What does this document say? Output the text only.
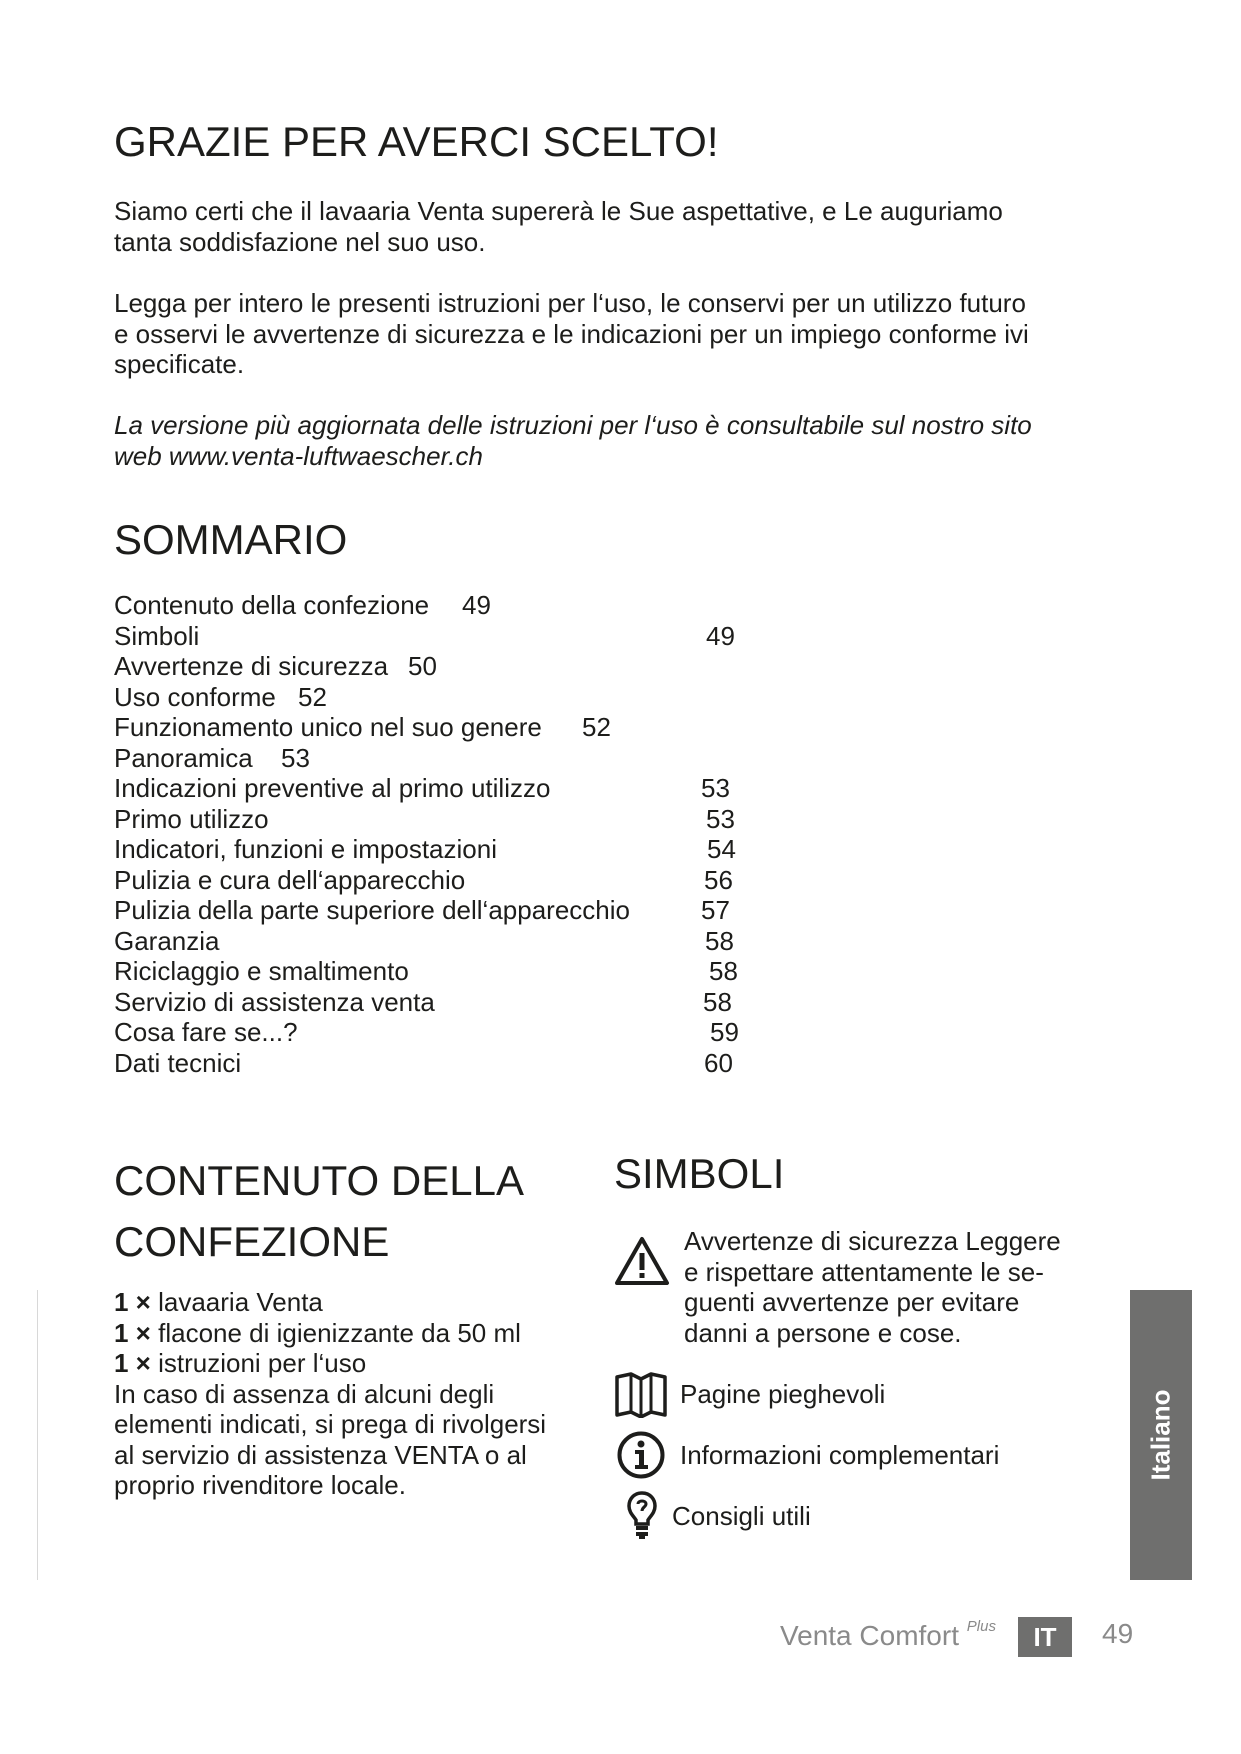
GRAZIE PER AVERCI SCELTO!

Siamo certi che il lavaaria Venta supererà le Sue aspettative, e Le auguriamo
tanta soddisfazione nel suo uso.

Legga per intero le presenti istruzioni per l‘uso, le conservi per un utilizzo futuro
e osservi le avvertenze di sicurezza e le indicazioni per un impiego conforme ivi
specificate.

La versione più aggiornata delle istruzioni per l‘uso è consultabile sul nostro sito
web www.venta-luftwaescher.ch

SOMMARIO
Contenuto della confezione 49
Simboli	49
Avvertenze di sicurezza 50
Uso conforme 52
Funzionamento unico nel suo genere 52
Panoramica 53
Indicazioni preventive al primo utilizzo	53
Primo utilizzo	53
Indicatori, funzioni e impostazioni	54
Pulizia e cura dell‘apparecchio	56
Pulizia della parte superiore dell‘apparecchio	57
Garanzia	58
Riciclaggio e smaltimento	58
Servizio di assistenza venta	58
Cosa fare se...?	59
Dati tecnici	60
CONTENUTO DELLA
CONFEZIONE
1 × lavaaria Venta
1 × flacone di igienizzante da 50 ml
1 × istruzioni per l‘uso
In caso di assenza di alcuni degli
elementi indicati, si prega di rivolgersi
al servizio di assistenza VENTA o al
proprio rivenditore locale.
SIMBOLI
Avvertenze di sicurezza Leggere
e rispettare attentamente le se-
guenti avvertenze per evitare
danni a persone e cose.
Pagine pieghevoli
Informazioni complementari
Consigli utili
Italiano
Venta Comfort $^{Plus}$	IT	49
